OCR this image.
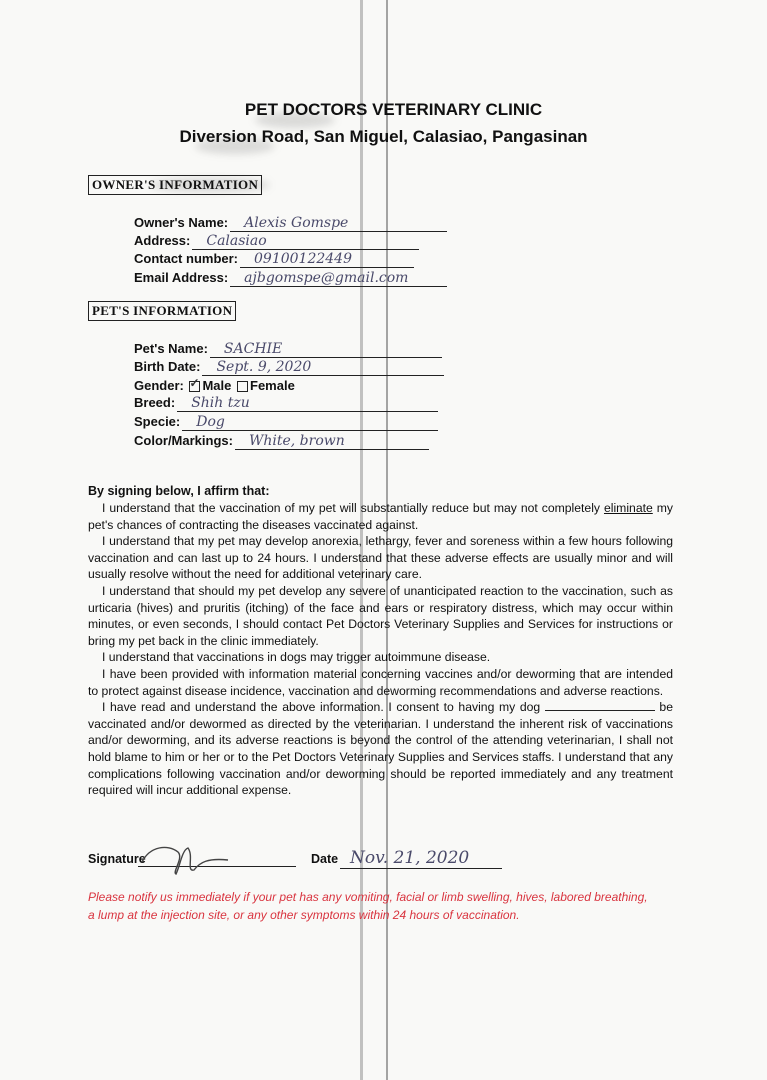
PET DOCTORS VETERINARY CLINIC
Diversion Road, San Miguel, Calasiao, Pangasinan
OWNER'S INFORMATION
Owner's Name: Alexis Gomspe
Address: Calasiao
Contact number: 09100122449
Email Address: ajbgomspe@gmail.com
PET'S INFORMATION
Pet's Name: SACHIE
Birth Date: Sept. 9, 2020
Gender: ✓ Male Female
Breed: Shih tzu
Specie: Dog
Color/Markings: White, brown
By signing below, I affirm that:

I understand that the vaccination of my pet will substantially reduce but may not completely eliminate my pet's chances of contracting the diseases vaccinated against.

I understand that my pet may develop anorexia, lethargy, fever and soreness within a few hours following vaccination and can last up to 24 hours. I understand that these adverse effects are usually minor and will usually resolve without the need for additional veterinary care.

I understand that should my pet develop any severe of unanticipated reaction to the vaccination, such as urticaria (hives) and pruritis (itching) of the face and ears or respiratory distress, which may occur within minutes, or even seconds, I should contact Pet Doctors Veterinary Supplies and Services for instructions or bring my pet back in the clinic immediately.

I understand that vaccinations in dogs may trigger autoimmune disease.

I have been provided with information material concerning vaccines and/or deworming that are intended to protect against disease incidence, vaccination and deworming recommendations and adverse reactions.

I have read and understand the above information. I consent to having my dog	be vaccinated and/or dewormed as directed by the veterinarian. I understand the inherent risk of vaccinations and/or deworming, and its adverse reactions is beyond the control of the attending veterinarian, I shall not hold blame to him or her or to the Pet Doctors Veterinary Supplies and Services staffs. I understand that any complications following vaccination and/or deworming should be reported immediately and any treatment required will incur additional expense.

Signature	Date Nov. 21, 2020
Please notify us immediately if your pet has any vomiting, facial or limb swelling, hives, labored breathing, a lump at the injection site, or any other symptoms within 24 hours of vaccination.
